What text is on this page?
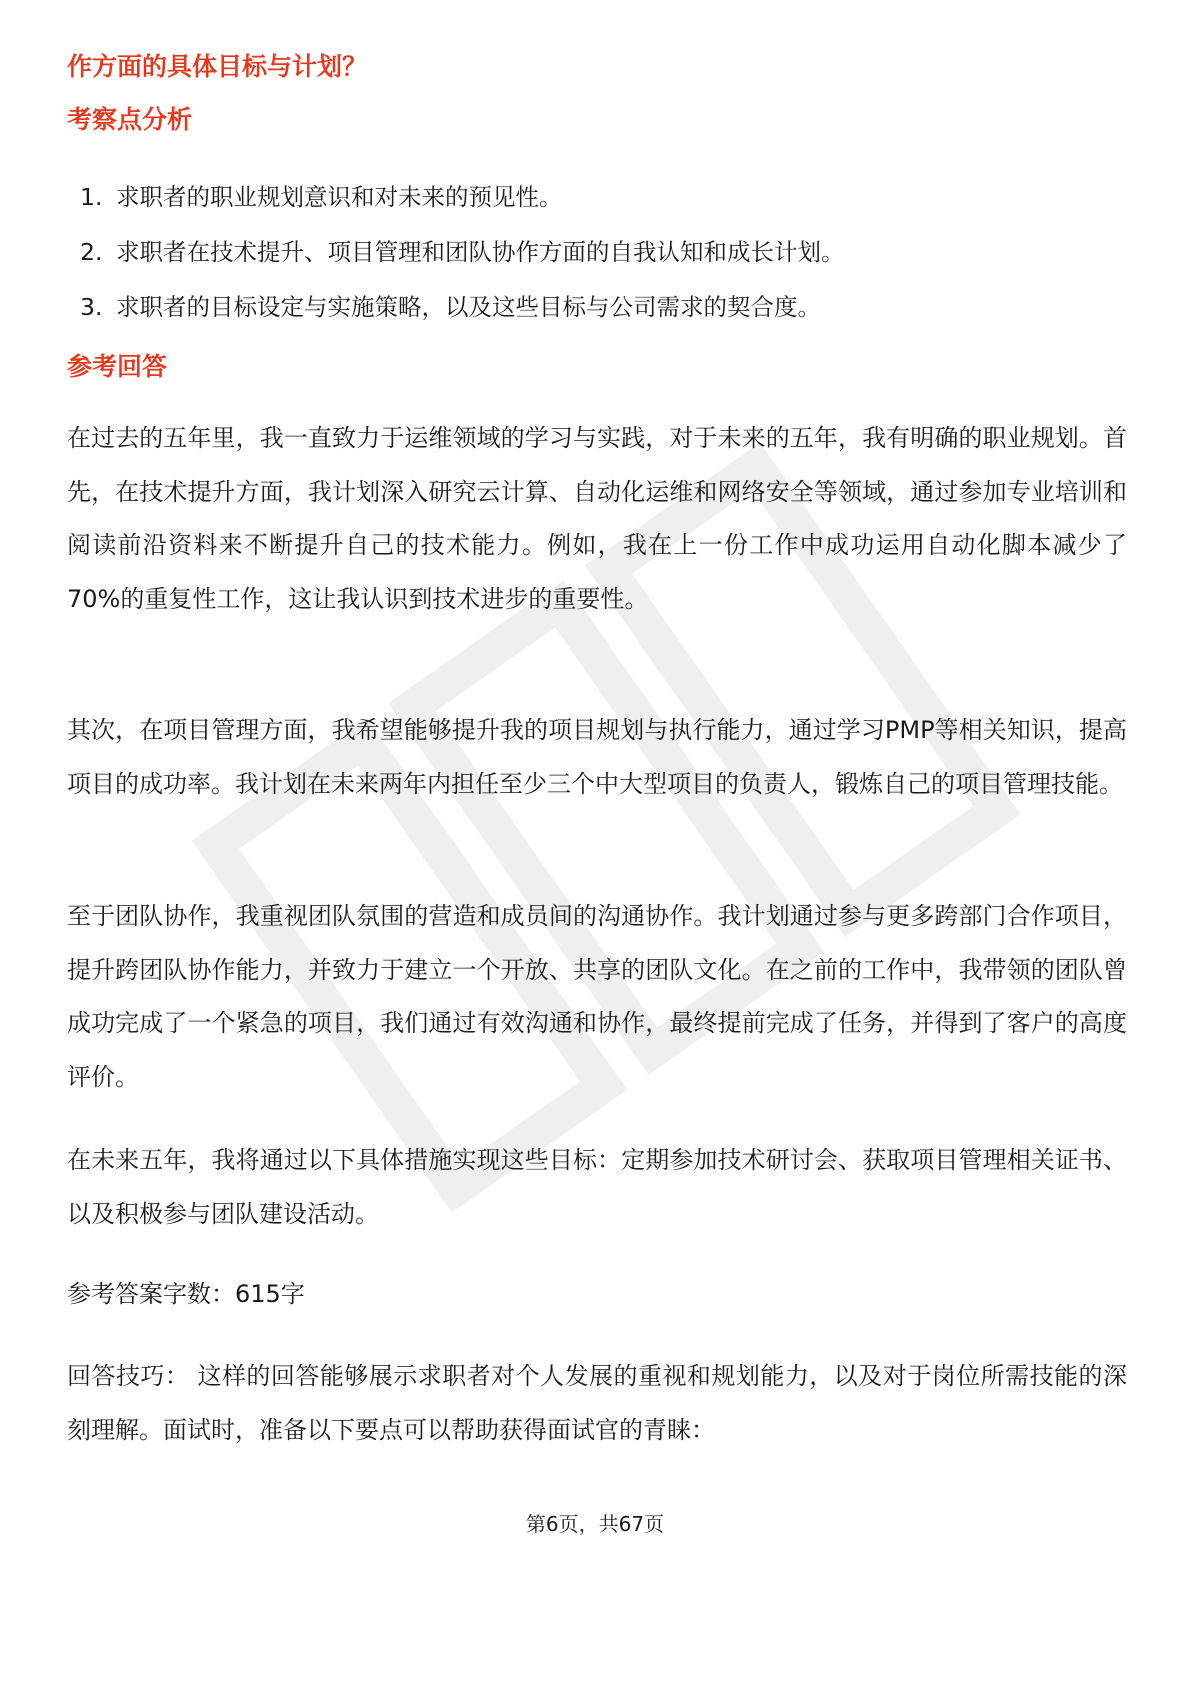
作方面的具体目标与计划？
考察点分析
1. 求职者的职业规划意识和对未来的预见性。
2. 求职者在技术提升、项目管理和团队协作方面的自我认知和成长计划。
3. 求职者的目标设定与实施策略，以及这些目标与公司需求的契合度。
参考回答

在过去的五年里，我一直致力于运维领域的学习与实践，对于未来的五年，我有明确的职业规划。首先，在技术提升方面，我计划深入研究云计算、自动化运维和网络安全等领域，通过参加专业培训和阅读前沿资料来不断提升自己的技术能力。例如，我在上一份工作中成功运用自动化脚本减少了70%的重复性工作，这让我认识到技术进步的重要性。

其次，在项目管理方面，我希望能够提升我的项目规划与执行能力，通过学习PMP等相关知识，提高项目的成功率。我计划在未来两年内担任至少三个中大型项目的负责人，锻炼自己的项目管理技能。

至于团队协作，我重视团队氛围的营造和成员间的沟通协作。我计划通过参与更多跨部门合作项目，提升跨团队协作能力，并致力于建立一个开放、共享的团队文化。在之前的工作中，我带领的团队曾成功完成了一个紧急的项目，我们通过有效沟通和协作，最终提前完成了任务，并得到了客户的高度评价。

在未来五年，我将通过以下具体措施实现这些目标：定期参加技术研讨会、获取项目管理相关证书、以及积极参与团队建设活动。

参考答案字数：615字

回答技巧： 这样的回答能够展示求职者对个人发展的重视和规划能力，以及对于岗位所需技能的深刻理解。面试时，准备以下要点可以帮助获得面试官的青睐：

第6页，共67页
